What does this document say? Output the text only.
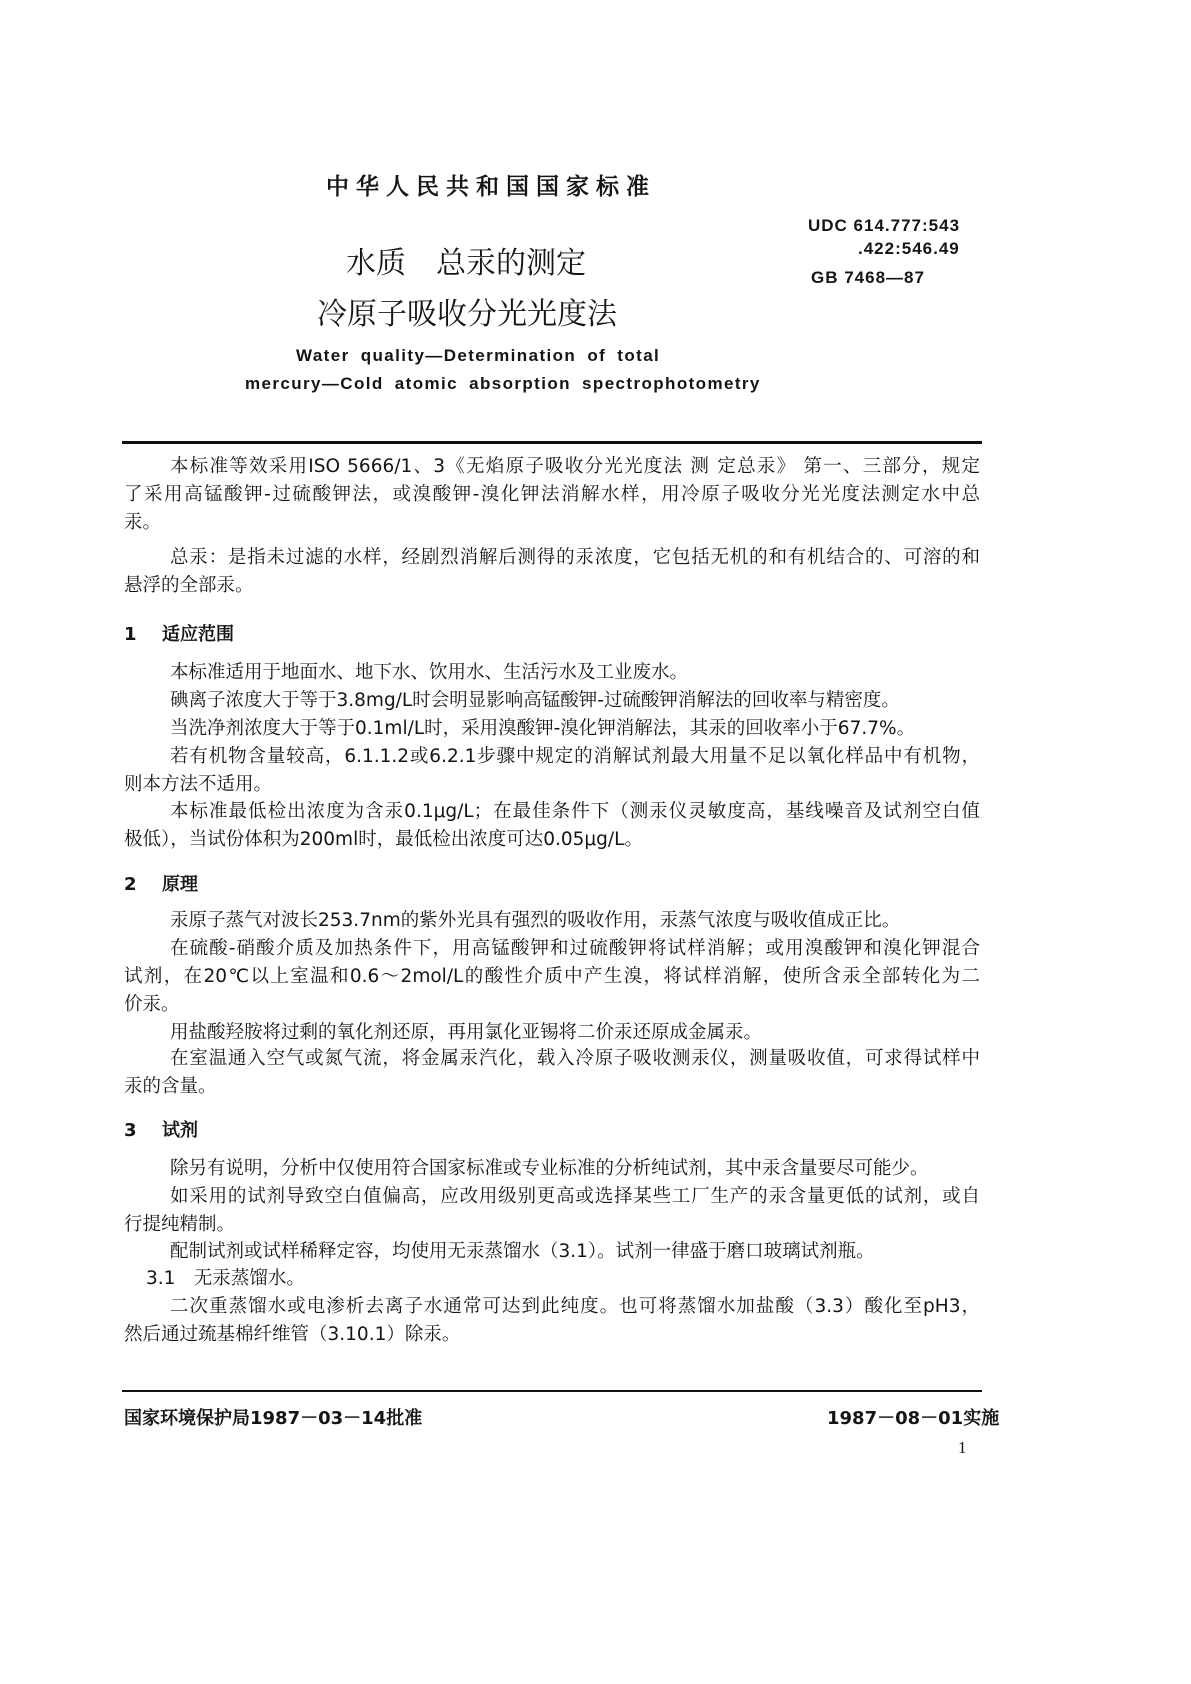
中华人民共和国国家标准
水质　总汞的测定
冷原子吸收分光光度法
UDC 614.777:543
.422:546.49
GB 7468—87
Water quality—Determination of total
mercury—Cold atomic absorption spectrophotometry
本标准等效采用ISO 5666/1、3《无焰原子吸收分光光度法 测 定总汞》 第一、三部分，规定
了采用高锰酸钾-过硫酸钾法，或溴酸钾-溴化钾法消解水样，用冷原子吸收分光光度法测定水中总
汞。
总汞：是指未过滤的水样，经剧烈消解后测得的汞浓度，它包括无机的和有机结合的、可溶的和
悬浮的全部汞。
1 适应范围
本标准适用于地面水、地下水、饮用水、生活污水及工业废水。
碘离子浓度大于等于3.8mg/L时会明显影响高锰酸钾-过硫酸钾消解法的回收率与精密度。
当洗净剂浓度大于等于0.1ml/L时，采用溴酸钾-溴化钾消解法，其汞的回收率小于67.7%。
若有机物含量较高，6.1.1.2或6.2.1步骤中规定的消解试剂最大用量不足以氧化样品中有机物，
则本方法不适用。
本标准最低检出浓度为含汞0.1μg/L；在最佳条件下（测汞仪灵敏度高，基线噪音及试剂空白值
极低），当试份体积为200ml时，最低检出浓度可达0.05μg/L。
2 原理
汞原子蒸气对波长253.7nm的紫外光具有强烈的吸收作用，汞蒸气浓度与吸收值成正比。
在硫酸-硝酸介质及加热条件下，用高锰酸钾和过硫酸钾将试样消解；或用溴酸钾和溴化钾混合
试剂，在20℃以上室温和0.6～2mol/L的酸性介质中产生溴，将试样消解，使所含汞全部转化为二
价汞。
用盐酸羟胺将过剩的氧化剂还原，再用氯化亚锡将二价汞还原成金属汞。
在室温通入空气或氮气流，将金属汞汽化，载入冷原子吸收测汞仪，测量吸收值，可求得试样中
汞的含量。
3 试剂
除另有说明，分析中仅使用符合国家标准或专业标准的分析纯试剂，其中汞含量要尽可能少。
如采用的试剂导致空白值偏高，应改用级别更高或选择某些工厂生产的汞含量更低的试剂，或自
行提纯精制。
配制试剂或试样稀释定容，均使用无汞蒸馏水（3.1）。试剂一律盛于磨口玻璃试剂瓶。
3.1　无汞蒸馏水。
二次重蒸馏水或电渗析去离子水通常可达到此纯度。也可将蒸馏水加盐酸（3.3）酸化至pH3，
然后通过巯基棉纤维管（3.10.1）除汞。
国家环境保护局1987－03－14批准	1987－08－01实施
1
